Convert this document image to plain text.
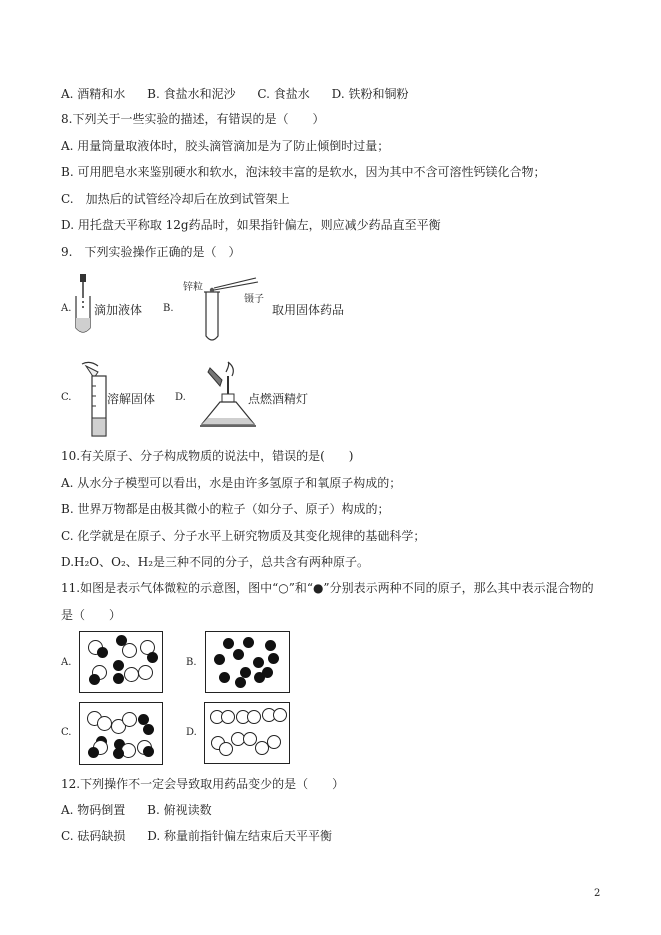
A. 酒精和水 B. 食盐水和泥沙 C. 食盐水 D. 铁粉和铜粉
8.下列关于一些实验的描述，有错误的是（　　）
A. 用量筒量取液体时，胶头滴管滴加是为了防止倾倒时过量；
B. 可用肥皂水来鉴别硬水和软水，泡沫较丰富的是软水，因为其中不含可溶性钙镁化合物；
C.　加热后的试管经冷却后在放到试管架上
D. 用托盘天平称取 12g药品时，如果指针偏左，则应减少药品直至平衡
9.　下列实验操作正确的是（　）
A. 滴加液体 B.
锌粒
镊子
取用固体药品
C.	溶解固体 D.	点燃酒精灯
10.有关原子、分子构成物质的说法中，错误的是(　　)
A. 从水分子模型可以看出，水是由许多氢原子和氧原子构成的；
B. 世界万物都是由极其微小的粒子（如分子、原子）构成的；
C. 化学就是在原子、分子水平上研究物质及其变化规律的基础科学；
D.H₂O、O₂、H₂是三种不同的分子，总共含有两种原子。
11.如图是表示气体微粒的示意图，图中“○”和“●”分别表示两种不同的原子，那么其中表示混合物的
是（　　）
A.	B.
C.	D.
12.下列操作不一定会导致取用药品变少的是（　　）
A. 物码倒置 B. 俯视读数
C. 砝码缺损 D. 称量前指针偏左结束后天平平衡
2
